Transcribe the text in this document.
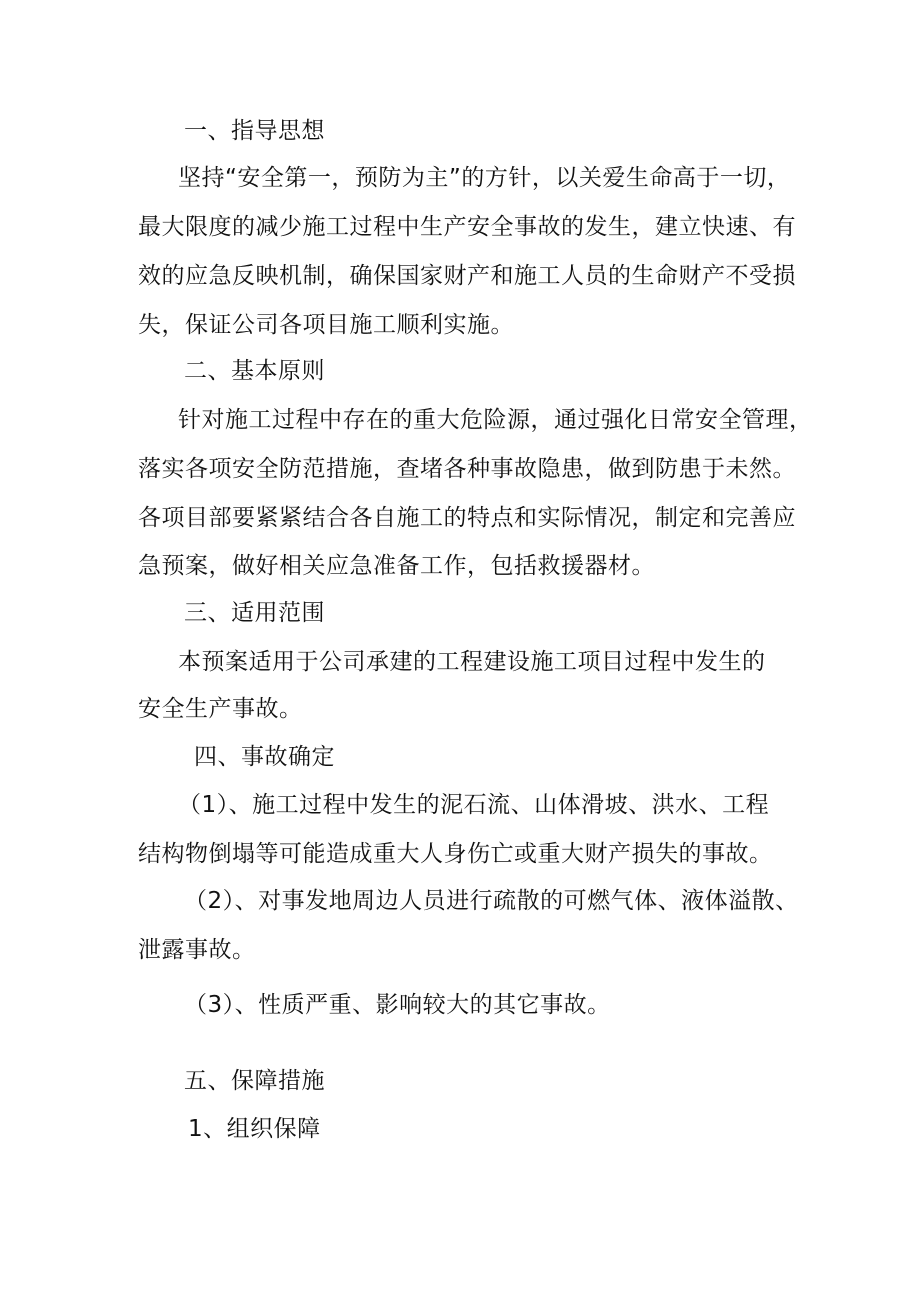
一、指导思想
坚持“安全第一，预防为主”的方针，以关爱生命高于一切，
最大限度的减少施工过程中生产安全事故的发生，建立快速、有
效的应急反映机制，确保国家财产和施工人员的生命财产不受损
失，保证公司各项目施工顺利实施。
二、基本原则
针对施工过程中存在的重大危险源，通过强化日常安全管理，
落实各项安全防范措施，查堵各种事故隐患，做到防患于未然。
各项目部要紧紧结合各自施工的特点和实际情况，制定和完善应
急预案，做好相关应急准备工作，包括救援器材。
三、适用范围
本预案适用于公司承建的工程建设施工项目过程中发生的
安全生产事故。
四、事故确定
（1）、施工过程中发生的泥石流、山体滑坡、洪水、工程
结构物倒塌等可能造成重大人身伤亡或重大财产损失的事故。
（2）、对事发地周边人员进行疏散的可燃气体、液体溢散、
泄露事故。
（3）、性质严重、影响较大的其它事故。
五、保障措施
1、组织保障
